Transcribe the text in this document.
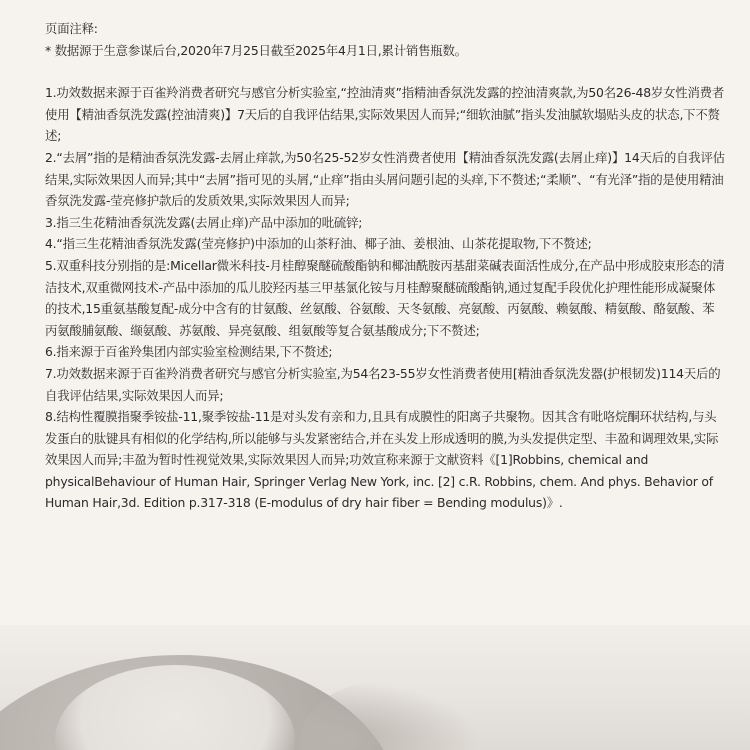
页面注释:

* 数据源于生意参谋后台,2020年7月25日截至2025年4月1日,累计销售瓶数。

1.功效数据来源于百雀羚消费者研究与感官分析实验室,“控油清爽”指精油香氛洗发露的控油清爽款,为50名26-48岁女性消费者使用【精油香氛洗发露(控油清爽)】7天后的自我评估结果,实际效果因人而异;“细软油腻”指头发油腻软塌贴头皮的状态,下不赘述;

2.“去屑”指的是精油香氛洗发露-去屑止痒款,为50名25-52岁女性消费者使用【精油香氛洗发露(去屑止痒)】14天后的自我评估结果,实际效果因人而异;其中“去屑”指可见的头屑,“止痒”指由头屑问题引起的头痒,下不赘述;“柔顺”、“有光泽”指的是使用精油香氛洗发露-莹亮修护款后的发质效果,实际效果因人而异;

3.指三生花精油香氛洗发露(去屑止痒)产品中添加的吡硫锌;

4.“指三生花精油香氛洗发露(莹亮修护)中添加的山茶籽油、椰子油、姜根油、山茶花提取物,下不赘述;

5.双重科技分别指的是:Micellar微米科技-月桂醇聚醚硫酸酯钠和椰油酰胺丙基甜菜碱表面活性成分,在产品中形成胶束形态的清洁技术,双重微网技术-产品中添加的瓜儿胶羟丙基三甲基氯化铵与月桂醇聚醚硫酸酯钠,通过复配手段优化护理性能形成凝聚体的技术,15重氨基酸复配-成分中含有的甘氨酸、丝氨酸、谷氨酸、天冬氨酸、亮氨酸、丙氨酸、赖氨酸、精氨酸、酪氨酸、苯丙氨酸脯氨酸、缬氨酸、苏氨酸、异亮氨酸、组氨酸等复合氨基酸成分;下不赘述;

6.指来源于百雀羚集团内部实验室检测结果,下不赘述;

7.功效数据来源于百雀羚消费者研究与感官分析实验室,为54名23-55岁女性消费者使用[精油香氛洗发器(护根韧发)114天后的自我评估结果,实际效果因人而异;

8.结构性覆膜指聚季铵盐-11,聚季铵盐-11是对头发有亲和力,且具有成膜性的阳离子共聚物。因其含有吡咯烷酮环状结构,与头发蛋白的肽键具有相似的化学结构,所以能够与头发紧密结合,并在头发上形成透明的膜,为头发提供定型、丰盈和调理效果,实际效果因人而异;丰盈为暂时性视觉效果,实际效果因人而异;功效宣称来源于文献资料《[1]Robbins, chemical and physicalBehaviour of Human Hair, Springer Verlag New York, inc. [2] c.R. Robbins, chem. And phys. Behavior of Human Hair,3d. Edition p.317-318 (E-modulus of dry hair fiber = Bending modulus)》.
